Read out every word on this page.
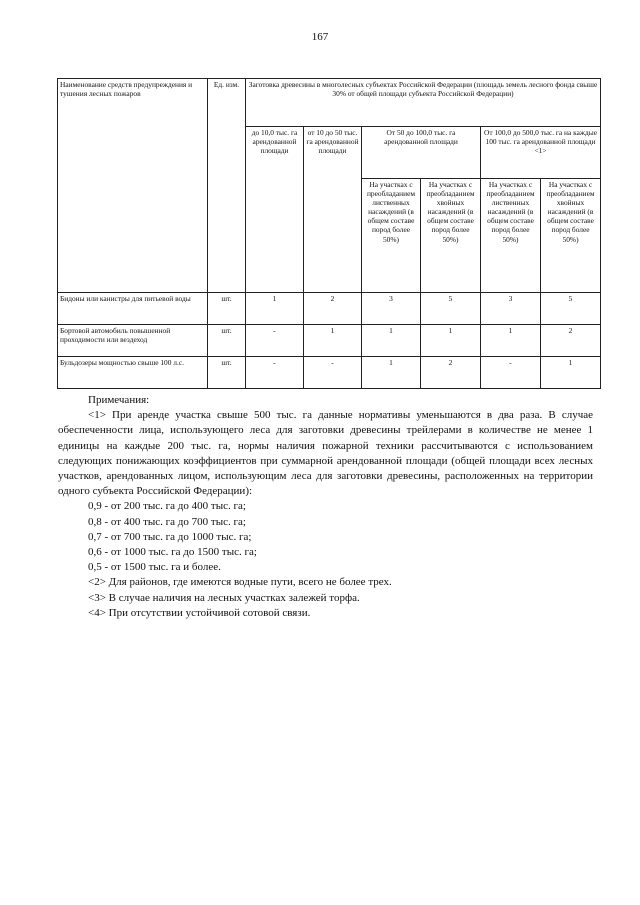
167
Наименование средств предупреждения и тушения лесных пожаров	Ед. изм.	Заготовка древесины в многолесных субъектах Российской Федерации (площадь земель лесного фонда свыше 30% от общей площади субъекта Российской Федерации)					
		до 10,0 тыс. га арендованной площади	от 10 до 50 тыс. га арендованной площади	От 50 до 100,0 тыс. га арендованной площади		От 100,0 до 500,0 тыс. га на каждые 100 тыс. га арендованной площади <1>	
				На участках с преобладанием лиственных насаждений (в общем составе пород более 50%)	На участках с преобладанием хвойных насаждений (в общем составе пород более 50%)	На участках с преобладанием лиственных насаждений (в общем составе пород более 50%)	На участках с преобладанием хвойных насаждений (в общем составе пород более 50%)
Бидоны или канистры для питьевой воды	шт.	1	2	3	5	3	5
Бортовой автомобиль повышенной проходимости или вездеход	шт.	-	1	1	1	1	2
Бульдозеры мощностью свыше 100 л.с.	шт.	-	-	1	2	-	1
Примечания:
<1> При аренде участка свыше 500 тыс. га данные нормативы уменьшаются в два раза. В случае обеспеченности лица, использующего леса для заготовки древесины трейлерами в количестве не менее 1 единицы на каждые 200 тыс. га, нормы наличия пожарной техники рассчитываются с использованием следующих понижающих коэффициентов при суммарной арендованной площади (общей площади всех лесных участков, арендованных лицом, использующим леса для заготовки древесины, расположенных на территории одного субъекта Российской Федерации):
0,9 - от 200 тыс. га до 400 тыс. га;
0,8 - от 400 тыс. га до 700 тыс. га;
0,7 - от 700 тыс. га до 1000 тыс. га;
0,6 - от 1000 тыс. га до 1500 тыс. га;
0,5 - от 1500 тыс. га и более.
<2> Для районов, где имеются водные пути, всего не более трех.
<3> В случае наличия на лесных участках залежей торфа.
<4> При отсутствии устойчивой сотовой связи.
